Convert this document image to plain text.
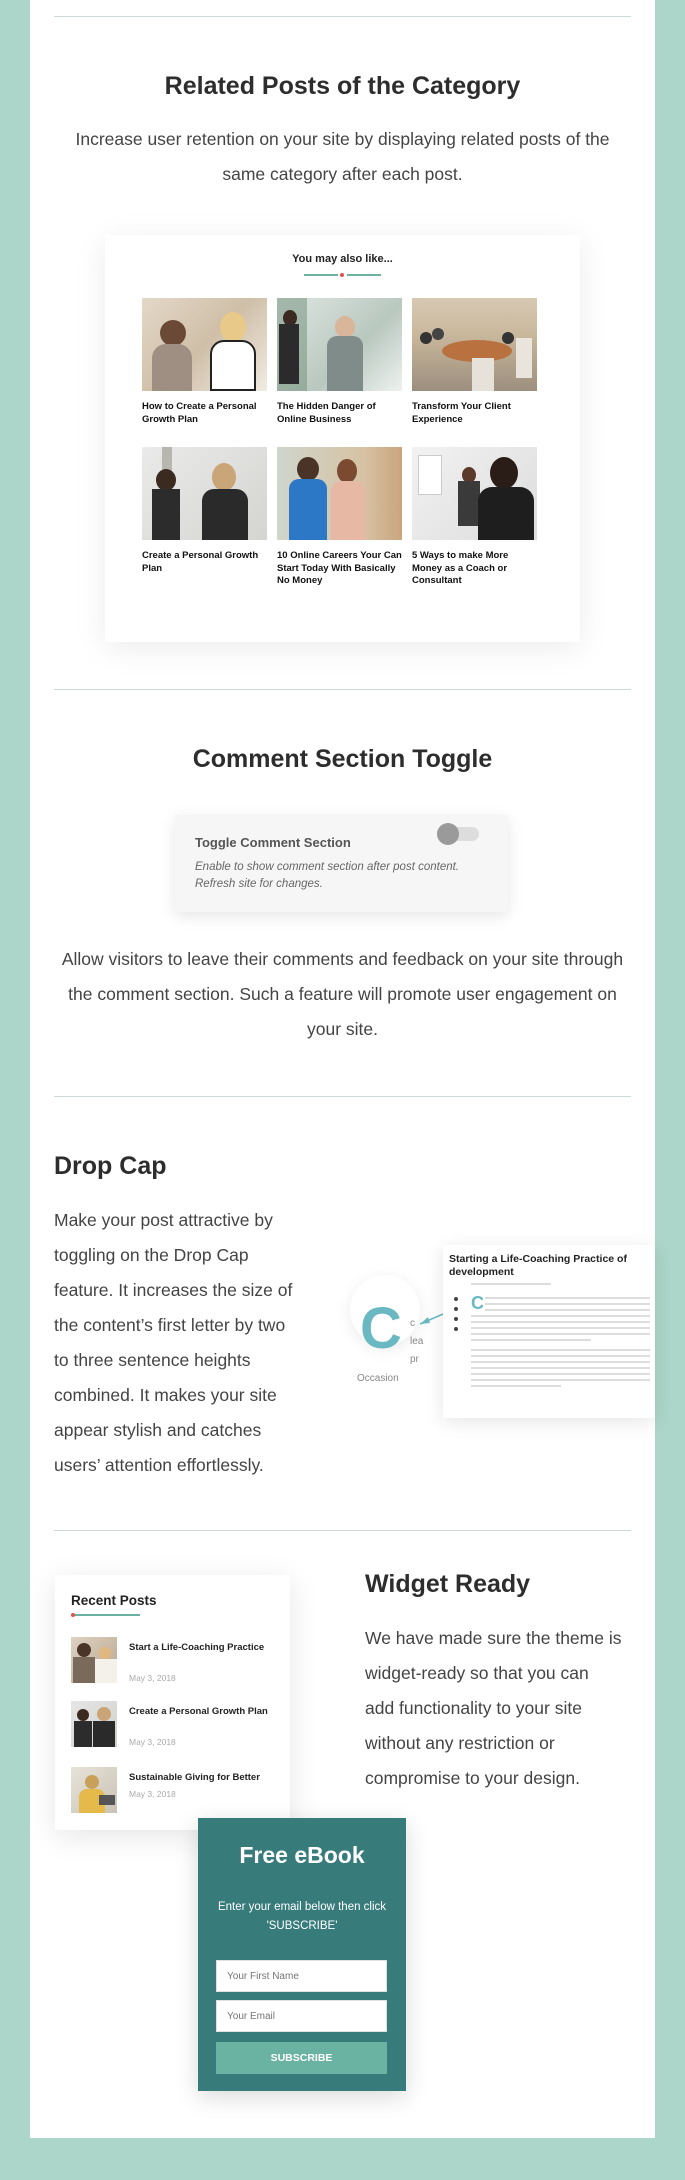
Related Posts of the Category

Increase user retention on your site by displaying related posts of the same category after each post.

You may also like...
How to Create a Personal Growth Plan
The Hidden Danger of Online Business
Transform Your Client Experience
Create a Personal Growth Plan
10 Online Careers Your Can Start Today With Basically No Money
5 Ways to make More Money as a Coach or Consultant
Comment Section Toggle
Toggle Comment Section
Enable to show comment section after post content.
Refresh site for changes.

Allow visitors to leave their comments and feedback on your site through the comment section. Such a feature will promote user engagement on your site.

Drop Cap
Make your post attractive by
toggling on the Drop Cap
feature. It increases the size of
the content’s first letter by two
to three sentence heights
combined. It makes your site
appear stylish and catches
users’ attention effortlessly.
C c
lea
pr
Occasion
Starting a Life-Coaching Practice of development
C
Widget Ready
We have made sure the theme is
widget-ready so that you can
add functionality to your site
without any restriction or
compromise to your design.
Recent Posts
Start a Life-Coaching Practice
May 3, 2018
Create a Personal Growth Plan
May 3, 2018
Sustainable Giving for Better
May 3, 2018
Free eBook
Enter your email below then click 'SUBSCRIBE'
Your First Name
Your Email
SUBSCRIBE
